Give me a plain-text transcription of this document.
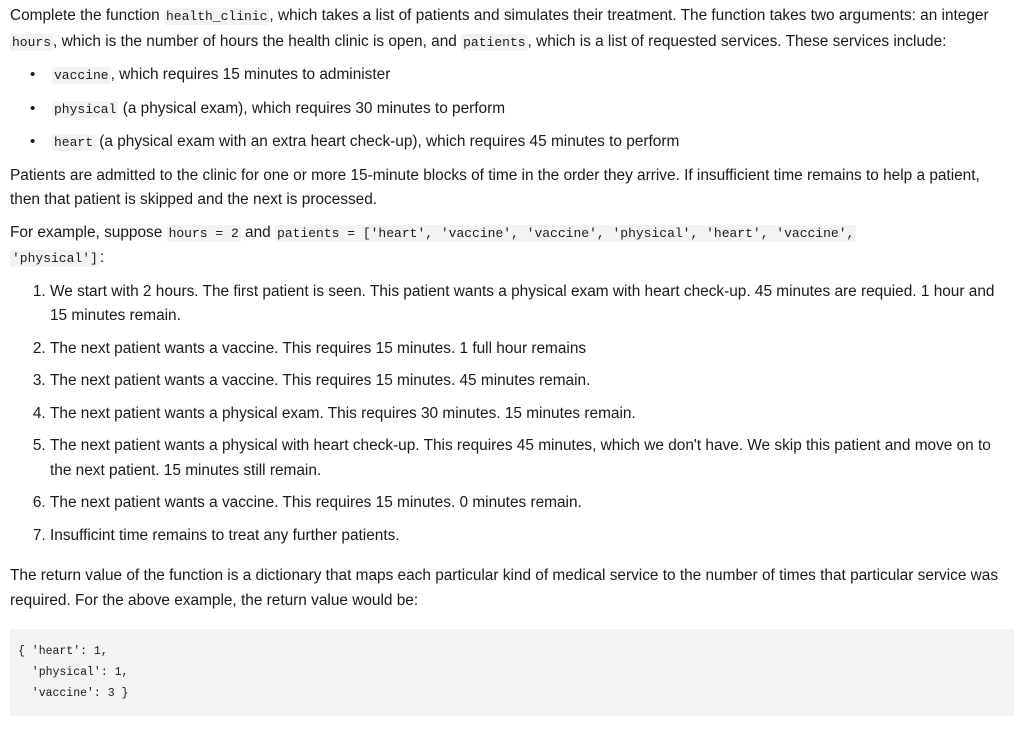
Complete the function health_clinic , which takes a list of patients and simulates their treatment. The function takes two arguments: an integer hours , which is the number of hours the health clinic is open, and patients , which is a list of requested services. These services include:

• vaccine , which requires 15 minutes to administer
• physical (a physical exam), which requires 30 minutes to perform
• heart (a physical exam with an extra heart check-up), which requires 45 minutes to perform

Patients are admitted to the clinic for one or more 15-minute blocks of time in the order they arrive. If insufficient time remains to help a patient, then that patient is skipped and the next is processed.

For example, suppose hours = 2 and patients = ['heart', 'vaccine', 'vaccine', 'physical', 'heart', 'vaccine',
'physical'] :

1. We start with 2 hours. The first patient is seen. This patient wants a physical exam with heart check-up. 45 minutes are requied. 1 hour and 15 minutes remain.
2. The next patient wants a vaccine. This requires 15 minutes. 1 full hour remains
3. The next patient wants a vaccine. This requires 15 minutes. 45 minutes remain.
4. The next patient wants a physical exam. This requires 30 minutes. 15 minutes remain.
5. The next patient wants a physical with heart check-up. This requires 45 minutes, which we don't have. We skip this patient and move on to the next patient. 15 minutes still remain.
6. The next patient wants a vaccine. This requires 15 minutes. 0 minutes remain.
7. Insufficint time remains to treat any further patients.

The return value of the function is a dictionary that maps each particular kind of medical service to the number of times that particular service was required. For the above example, the return value would be:

{ 'heart': 1,
'physical': 1,
'vaccine': 3 }
